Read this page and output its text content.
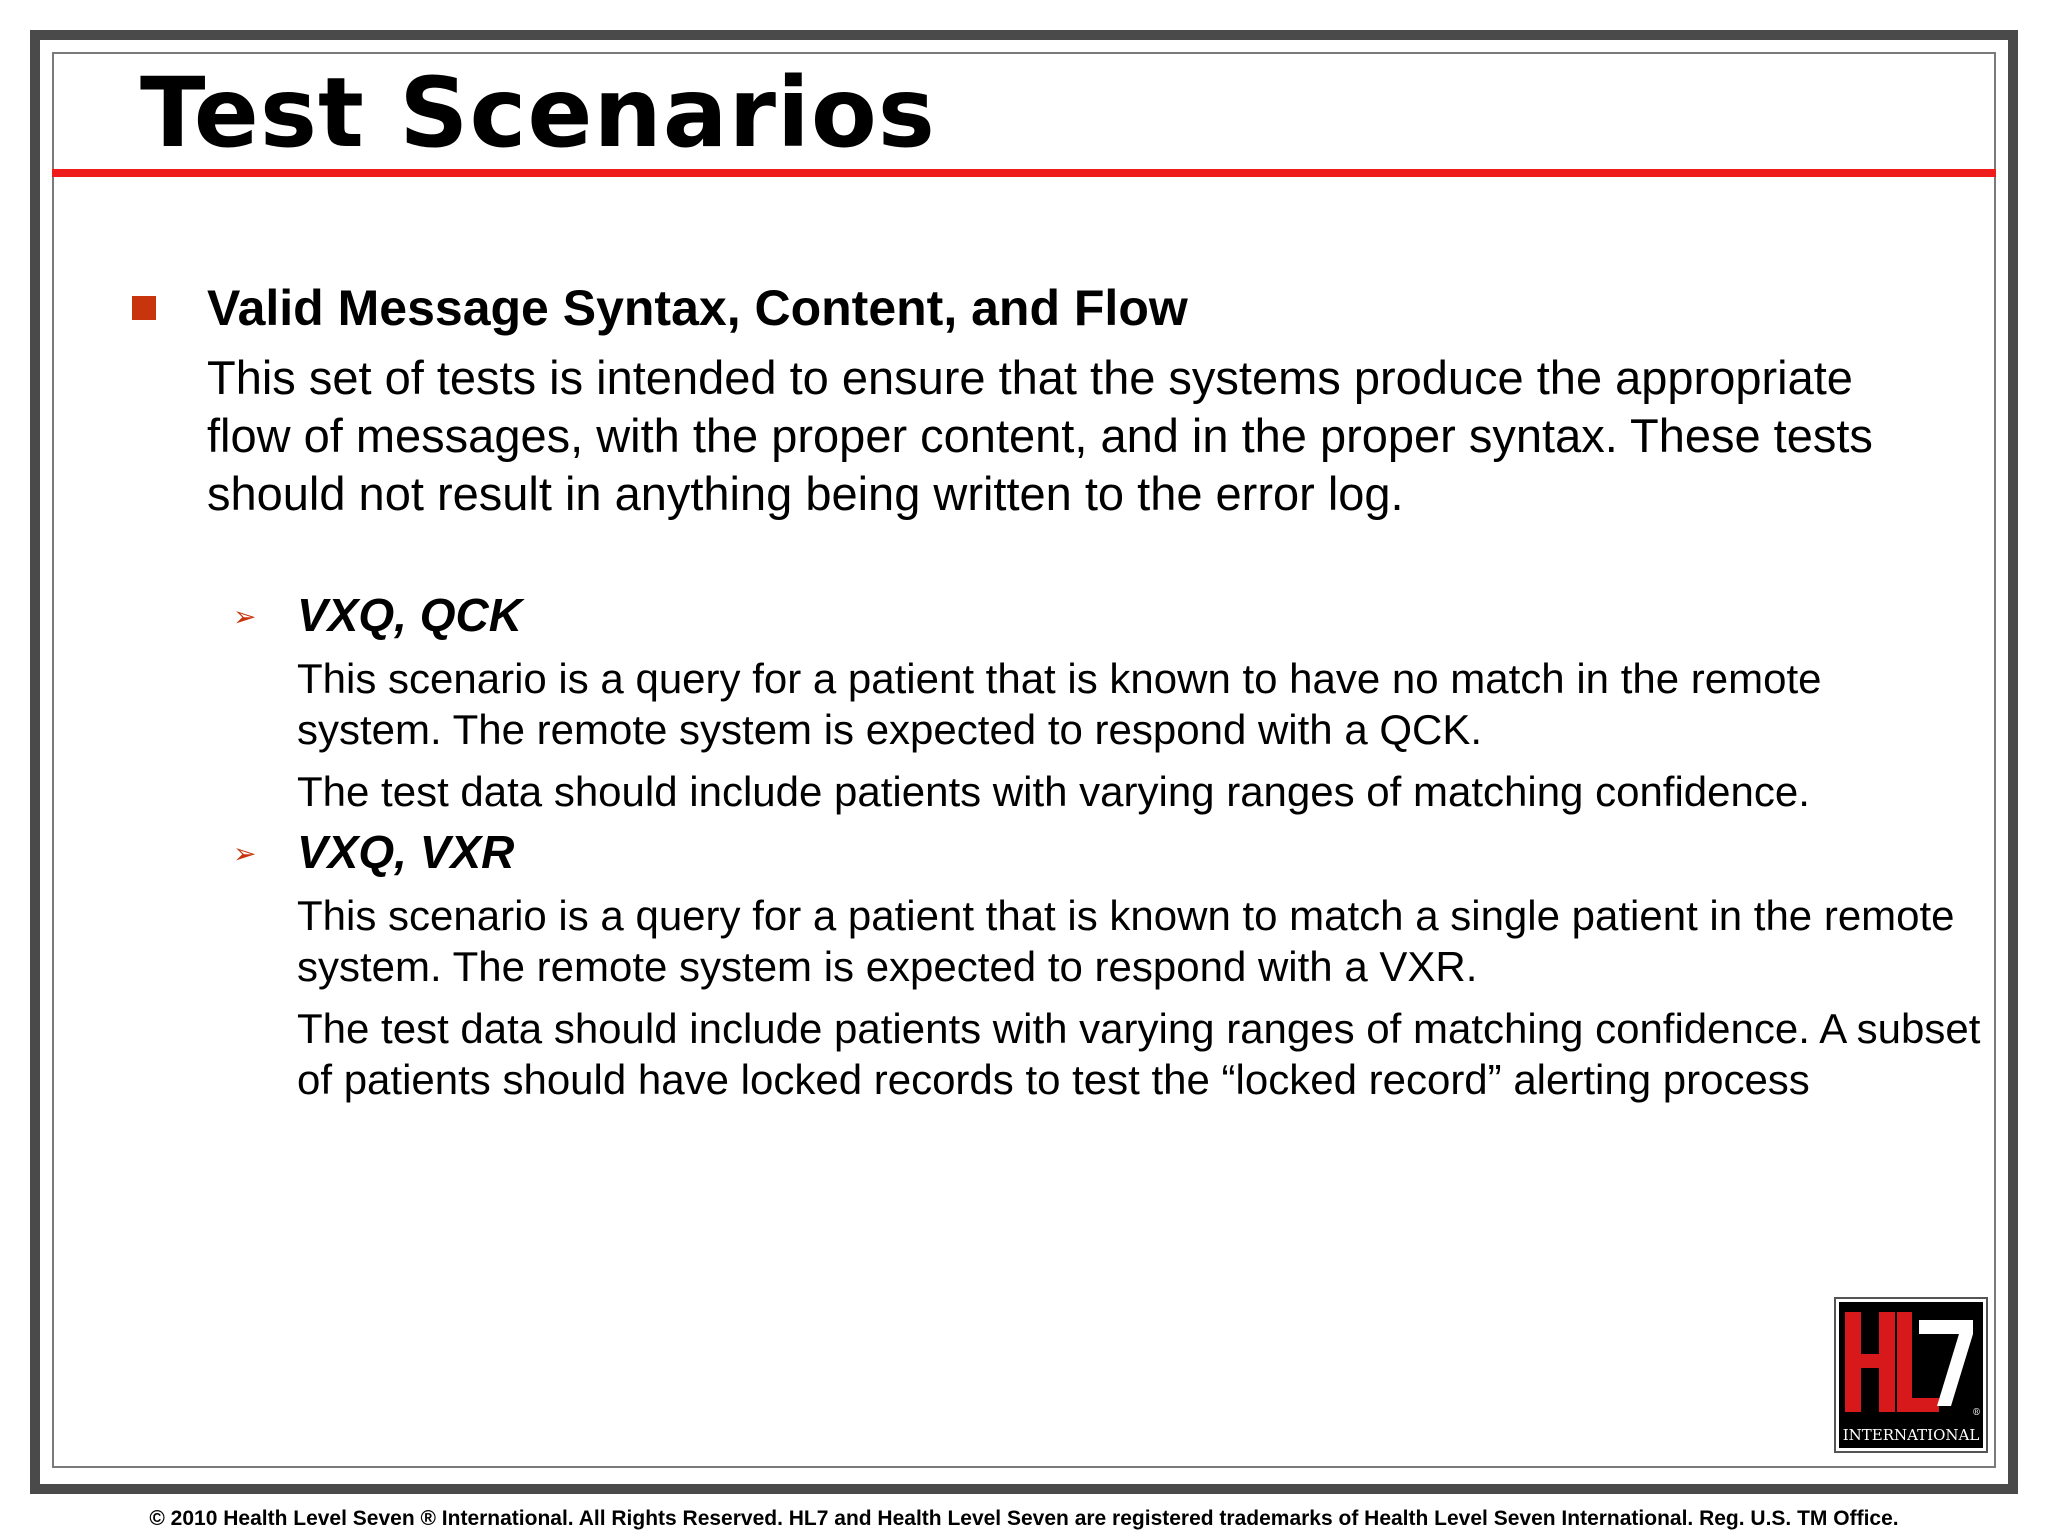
Test Scenarios
Valid Message Syntax, Content, and Flow
This set of tests is intended to ensure that the systems produce the appropriate flow of messages, with the proper content, and in the proper syntax. These tests should not result in anything being written to the error log.
➢ VXQ, QCK
This scenario is a query for a patient that is known to have no match in the remote system. The remote system is expected to respond with a QCK.
The test data should include patients with varying ranges of matching confidence.
➢ VXQ, VXR
This scenario is a query for a patient that is known to match a single patient in the remote system. The remote system is expected to respond with a VXR.
The test data should include patients with varying ranges of matching confidence. A subset of patients should have locked records to test the “locked record” alerting process
®
INTERNATIONAL
© 2010 Health Level Seven ® International. All Rights Reserved. HL7 and Health Level Seven are registered trademarks of Health Level Seven International. Reg. U.S. TM Office.
